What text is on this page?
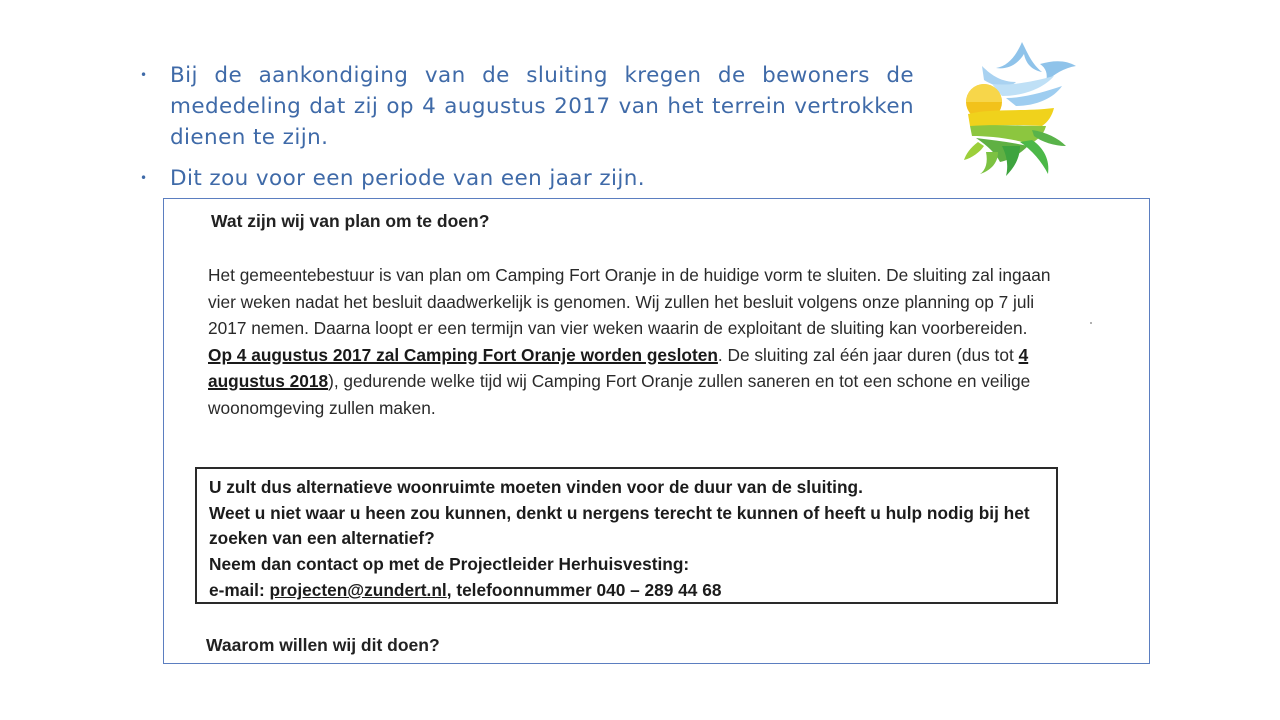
• Bij de aankondiging van de sluiting kregen de bewoners de mededeling dat zij op 4 augustus 2017 van het terrein vertrokken dienen te zijn.
• Dit zou voor een periode van een jaar zijn.
Wat zijn wij van plan om te doen?
Het gemeentebestuur is van plan om Camping Fort Oranje in de huidige vorm te sluiten. De sluiting zal ingaan vier weken nadat het besluit daadwerkelijk is genomen. Wij zullen het besluit volgens onze planning op 7 juli 2017 nemen. Daarna loopt er een termijn van vier weken waarin de exploitant de sluiting kan voorbereiden. Op 4 augustus 2017 zal Camping Fort Oranje worden gesloten. De sluiting zal één jaar duren (dus tot 4 augustus 2018), gedurende welke tijd wij Camping Fort Oranje zullen saneren en tot een schone en veilige woonomgeving zullen maken.
U zult dus alternatieve woonruimte moeten vinden voor de duur van de sluiting.
Weet u niet waar u heen zou kunnen, denkt u nergens terecht te kunnen of heeft u hulp nodig bij het zoeken van een alternatief?
Neem dan contact op met de Projectleider Herhuisvesting:
e-mail: projecten@zundert.nl, telefoonnummer 040 – 289 44 68
Waarom willen wij dit doen?
